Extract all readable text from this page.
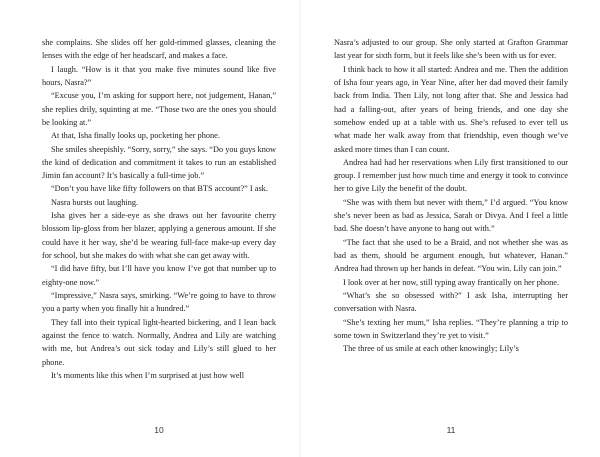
she complains. She slides off her gold-rimmed glasses, cleaning the lenses with the edge of her headscarf, and makes a face.

I laugh. “How is it that you make five minutes sound like five hours, Nasra?”

“Excuse you, I’m asking for support here, not judgement, Hanan,” she replies drily, squinting at me. “Those two are the ones you should be looking at.”

At that, Isha finally looks up, pocketing her phone.

She smiles sheepishly. “Sorry, sorry,” she says. “Do you guys know the kind of dedication and commitment it takes to run an established Jimin fan account? It’s basically a full-time job.”

“Don’t you have like fifty followers on that BTS account?” I ask.

Nasra bursts out laughing.

Isha gives her a side-eye as she draws out her favourite cherry blossom lip-gloss from her blazer, applying a generous amount. If she could have it her way, she’d be wearing full-face make-up every day for school, but she makes do with what she can get away with.

“I did have fifty, but I’ll have you know I’ve got that number up to eighty-one now.”

“Impressive,” Nasra says, smirking. “We’re going to have to throw you a party when you finally hit a hundred.”

They fall into their typical light-hearted bickering, and I lean back against the fence to watch. Normally, Andrea and Lily are watching with me, but Andrea’s out sick today and Lily’s still glued to her phone.

It’s moments like this when I’m surprised at just how well

10

Nasra’s adjusted to our group. She only started at Grafton Grammar last year for sixth form, but it feels like she’s been with us for ever.

I think back to how it all started: Andrea and me. Then the addition of Isha four years ago, in Year Nine, after her dad moved their family back from India. Then Lily, not long after that. She and Jessica had had a falling-out, after years of being friends, and one day she somehow ended up at a table with us. She’s refused to ever tell us what made her walk away from that friendship, even though we’ve asked more times than I can count.

Andrea had had her reservations when Lily first transitioned to our group. I remember just how much time and energy it took to convince her to give Lily the benefit of the doubt.

“She was with them but never with them,” I’d argued. “You know she’s never been as bad as Jessica, Sarah or Divya. And I feel a little bad. She doesn’t have anyone to hang out with.”

“The fact that she used to be a Braid, and not whether she was as bad as them, should be argument enough, but whatever, Hanan.” Andrea had thrown up her hands in defeat. “You win. Lily can join.”

I look over at her now, still typing away frantically on her phone.

“What’s she so obsessed with?” I ask Isha, interrupting her conversation with Nasra.

“She’s texting her mum,” Isha replies. “They’re planning a trip to some town in Switzerland they’re yet to visit.”

The three of us smile at each other knowingly; Lily’s

11
